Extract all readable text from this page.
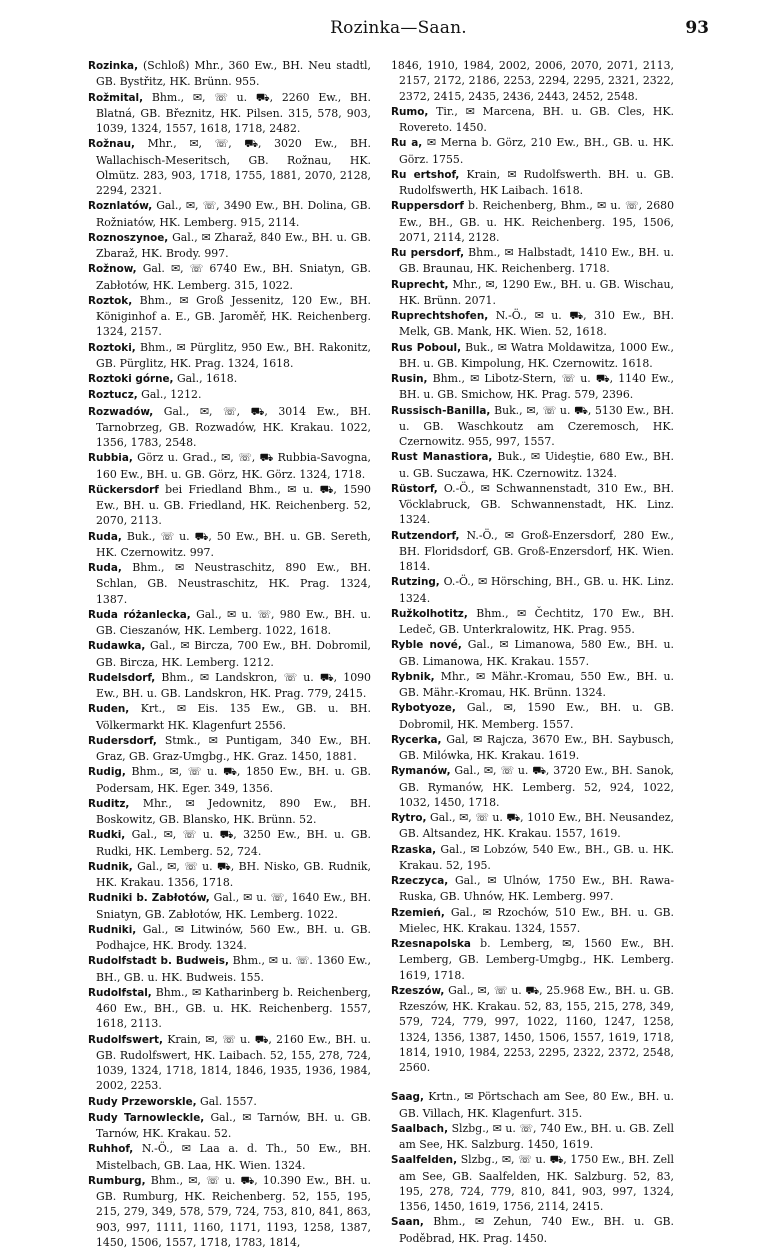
Rozinka—Saan.	93

Rozinka, (Schloß) Mhr., 360 Ew., BH. Neu stadtl, GB. Bystřitz, HK. Brünn. 955.

Rožmital, Bhm., ✉, ☏ u. ⛟, 2260 Ew., BH. Blatná, GB. Březnitz, HK. Pilsen. 315, 578, 903, 1039, 1324, 1557, 1618, 1718, 2482.

Rožnau, Mhr., ✉, ☏, ⛟, 3020 Ew., BH. Wallachisch-Meseritsch, GB. Rožnau, HK. Olmütz. 283, 903, 1718, 1755, 1881, 2070, 2128, 2294, 2321.

Roznlatów, Gal., ✉, ☏, 3490 Ew., BH. Dolina, GB. Rožniatów, HK. Lemberg. 915, 2114.

Roznoszynoe, Gal., ✉ Zharaž, 840 Ew., BH. u. GB. Zbaraž, HK. Brody. 997.

Rožnow, Gal. ✉, ☏ 6740 Ew., BH. Sniatyn, GB. Zabłotów, HK. Lemberg. 315, 1022.

Roztok, Bhm., ✉ Groß Jessenitz, 120 Ew., BH. Königinhof a. E., GB. Jaroměř, HK. Reichenberg. 1324, 2157.

Roztoki, Bhm., ✉ Pürglitz, 950 Ew., BH. Rakonitz, GB. Pürglitz, HK. Prag. 1324, 1618.

Roztoki górne, Gal., 1618.

Roztucz, Gal., 1212.

Rozwadów, Gal., ✉, ☏, ⛟, 3014 Ew., BH. Tarnobrzeg, GB. Rozwadów, HK. Krakau. 1022, 1356, 1783, 2548.

Rubbia, Görz u. Grad., ✉, ☏, ⛟ Rubbia-Savogna, 160 Ew., BH. u. GB. Görz, HK. Görz. 1324, 1718.

Rückersdorf bei Friedland Bhm., ✉ u. ⛟, 1590 Ew., BH. u. GB. Friedland, HK. Reichenberg. 52, 2070, 2113.

Ruda, Buk., ☏ u. ⛟, 50 Ew., BH. u. GB. Sereth, HK. Czernowitz. 997.

Ruda, Bhm., ✉ Neustraschitz, 890 Ew., BH. Schlan, GB. Neustraschitz, HK. Prag. 1324, 1387.

Ruda różanlecka, Gal., ✉ u. ☏, 980 Ew., BH. u. GB. Cieszanów, HK. Lemberg. 1022, 1618.

Rudawka, Gal., ✉ Bircza, 700 Ew., BH. Dobromil, GB. Bircza, HK. Lemberg. 1212.

Rudelsdorf, Bhm., ✉ Landskron, ☏ u. ⛟, 1090 Ew., BH. u. GB. Landskron, HK. Prag. 779, 2415.

Ruden, Krt., ✉ Eis. 135 Ew., GB. u. BH. Völkermarkt HK. Klagenfurt 2556.

Rudersdorf, Stmk., ✉ Puntigam, 340 Ew., BH. Graz, GB. Graz-Umgbg., HK. Graz. 1450, 1881.

Rudig, Bhm., ✉, ☏ u. ⛟, 1850 Ew., BH. u. GB. Podersam, HK. Eger. 349, 1356.

Ruditz, Mhr., ✉ Jedownitz, 890 Ew., BH. Boskowitz, GB. Blansko, HK. Brünn. 52.

Rudki, Gal., ✉, ☏ u. ⛟, 3250 Ew., BH. u. GB. Rudki, HK. Lemberg. 52, 724.

Rudnik, Gal., ✉, ☏ u. ⛟, BH. Nisko, GB. Rudnik, HK. Krakau. 1356, 1718.

Rudniki b. Zabłotów, Gal., ✉ u. ☏, 1640 Ew., BH. Sniatyn, GB. Zabłotów, HK. Lemberg. 1022.

Rudniki, Gal., ✉ Litwinów, 560 Ew., BH. u. GB. Podhajce, HK. Brody. 1324.

Rudolfstadt b. Budweis, Bhm., ✉ u. ☏. 1360 Ew., BH., GB. u. HK. Budweis. 155.

Rudolfstal, Bhm., ✉ Katharinberg b. Reichenberg, 460 Ew., BH., GB. u. HK. Reichenberg. 1557, 1618, 2113.

Rudolfswert, Krain, ✉, ☏ u. ⛟, 2160 Ew., BH. u. GB. Rudolfswert, HK. Laibach. 52, 155, 278, 724, 1039, 1324, 1718, 1814, 1846, 1935, 1936, 1984, 2002, 2253.

Rudy Przeworskle, Gal. 1557.

Rudy Tarnowleckle, Gal., ✉ Tarnów, BH. u. GB. Tarnów, HK. Krakau. 52.

Ruhhof, N.-Ö., ✉ Laa a. d. Th., 50 Ew., BH. Mistelbach, GB. Laa, HK. Wien. 1324.

Rumburg, Bhm., ✉, ☏ u. ⛟, 10.390 Ew., BH. u. GB. Rumburg, HK. Reichenberg. 52, 155, 195, 215, 279, 349, 578, 579, 724, 753, 810, 841, 863, 903, 997, 1111, 1160, 1171, 1193, 1258, 1387, 1450, 1506, 1557, 1718, 1783, 1814,

1846, 1910, 1984, 2002, 2006, 2070, 2071, 2113, 2157, 2172, 2186, 2253, 2294, 2295, 2321, 2322, 2372, 2415, 2435, 2436, 2443, 2452, 2548.

Rumo, Tir., ✉ Marcena, BH. u. GB. Cles, HK. Rovereto. 1450.

Ru a, ✉ Merna b. Görz, 210 Ew., BH., GB. u. HK. Görz. 1755.

Ru ertshof, Krain, ✉ Rudolfswerth. BH. u. GB. Rudolfswerth, HK Laibach. 1618.

Ruppersdorf b. Reichenberg, Bhm., ✉ u. ☏, 2680 Ew., BH., GB. u. HK. Reichenberg. 195, 1506, 2071, 2114, 2128.

Ru persdorf, Bhm., ✉ Halbstadt, 1410 Ew., BH. u. GB. Braunau, HK. Reichenberg. 1718.

Ruprecht, Mhr., ✉, 1290 Ew., BH. u. GB. Wischau, HK. Brünn. 2071.

Ruprechtshofen, N.-Ö., ✉ u. ⛟, 310 Ew., BH. Melk, GB. Mank, HK. Wien. 52, 1618.

Rus Poboul, Buk., ✉ Watra Moldawitza, 1000 Ew., BH. u. GB. Kimpolung, HK. Czernowitz. 1618.

Rusin, Bhm., ✉ Libotz-Stern, ☏ u. ⛟, 1140 Ew., BH. u. GB. Smichow, HK. Prag. 579, 2396.

Russisch-Banilla, Buk., ✉, ☏ u. ⛟, 5130 Ew., BH. u. GB. Waschkoutz am Czeremosch, HK. Czernowitz. 955, 997, 1557.

Rust Manastiora, Buk., ✉ Uideştie, 680 Ew., BH. u. GB. Suczawa, HK. Czernowitz. 1324.

Rüstorf, O.-Ö., ✉ Schwannenstadt, 310 Ew., BH. Vöcklabruck, GB. Schwannenstadt, HK. Linz. 1324.

Rutzendorf, N.-Ö., ✉ Groß-Enzersdorf, 280 Ew., BH. Floridsdorf, GB. Groß-Enzersdorf, HK. Wien. 1814.

Rutzing, O.-Ö., ✉ Hörsching, BH., GB. u. HK. Linz. 1324.

Ružkolhotitz, Bhm., ✉ Čechtitz, 170 Ew., BH. Ledeč, GB. Unterkralowitz, HK. Prag. 955.

Ryble nové, Gal., ✉ Limanowa, 580 Ew., BH. u. GB. Limanowa, HK. Krakau. 1557.

Rybnik, Mhr., ✉ Mähr.-Kromau, 550 Ew., BH. u. GB. Mähr.-Kromau, HK. Brünn. 1324.

Rybotyoze, Gal., ✉, 1590 Ew., BH. u. GB. Dobromil, HK. Memberg. 1557.

Rycerka, Gal, ✉ Rajcza, 3670 Ew., BH. Saybusch, GB. Milówka, HK. Krakau. 1619.

Rymanów, Gal., ✉, ☏ u. ⛟, 3720 Ew., BH. Sanok, GB. Rymanów, HK. Lemberg. 52, 924, 1022, 1032, 1450, 1718.

Rytro, Gal., ✉, ☏ u. ⛟, 1010 Ew., BH. Neusandez, GB. Altsandez, HK. Krakau. 1557, 1619.

Rzaska, Gal., ✉ Lobzów, 540 Ew., BH., GB. u. HK. Krakau. 52, 195.

Rzeczyca, Gal., ✉ Ulnów, 1750 Ew., BH. Rawa-Ruska, GB. Uhnów, HK. Lemberg. 997.

Rzemień, Gal., ✉ Rzochów, 510 Ew., BH. u. GB. Mielec, HK. Krakau. 1324, 1557.

Rzesnapolska b. Lemberg, ✉, 1560 Ew., BH. Lemberg, GB. Lemberg-Umgbg., HK. Lemberg. 1619, 1718.

Rzeszów, Gal., ✉, ☏ u. ⛟, 25.968 Ew., BH. u. GB. Rzeszów, HK. Krakau. 52, 83, 155, 215, 278, 349, 579, 724, 779, 997, 1022, 1160, 1247, 1258, 1324, 1356, 1387, 1450, 1506, 1557, 1619, 1718, 1814, 1910, 1984, 2253, 2295, 2322, 2372, 2548, 2560.

Saag, Krtn., ✉ Pörtschach am See, 80 Ew., BH. u. GB. Villach, HK. Klagenfurt. 315.

Saalbach, Slzbg., ✉ u. ☏, 740 Ew., BH. u. GB. Zell am See, HK. Salzburg. 1450, 1619.

Saalfelden, Slzbg., ✉, ☏ u. ⛟, 1750 Ew., BH. Zell am See, GB. Saalfelden, HK. Salzburg. 52, 83, 195, 278, 724, 779, 810, 841, 903, 997, 1324, 1356, 1450, 1619, 1756, 2114, 2415.

Saan, Bhm., ✉ Zehun, 740 Ew., BH. u. GB. Poděbrad, HK. Prag. 1450.
